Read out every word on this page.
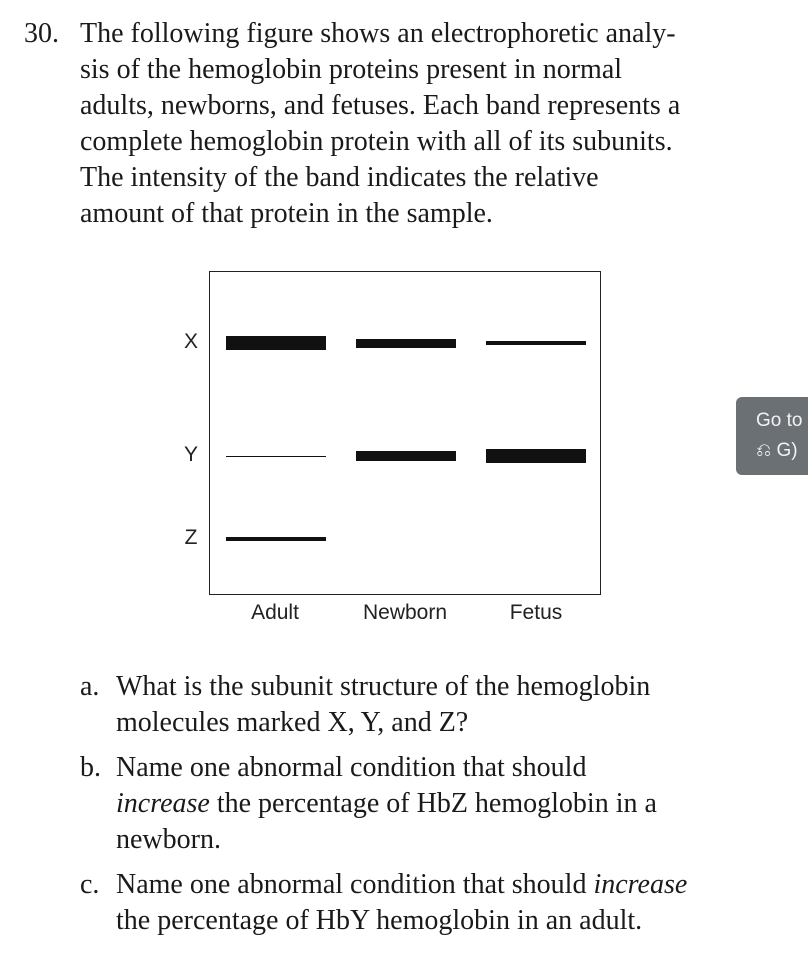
30. The following figure shows an electrophoretic analy-
sis of the hemoglobin proteins present in normal
adults, newborns, and fetuses. Each band represents a
complete hemoglobin protein with all of its subunits.
The intensity of the band indicates the relative
amount of that protein in the sample.
X
Y
Z
Adult	Newborn	Fetus
Go to
⎌ G)
a. What is the subunit structure of the hemoglobin
molecules marked X, Y, and Z?
b. Name one abnormal condition that should
increase the percentage of HbZ hemoglobin in a
newborn.
c. Name one abnormal condition that should increase
the percentage of HbY hemoglobin in an adult.
